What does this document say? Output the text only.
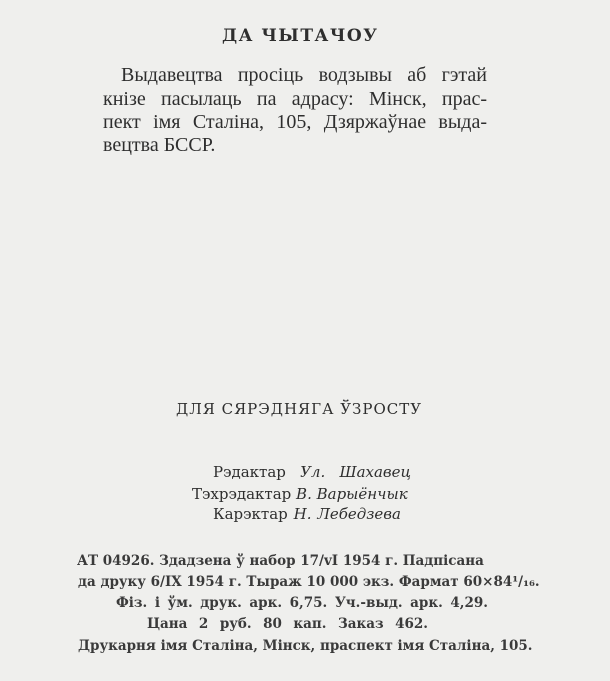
ДА ЧЫТАЧОУ
Выдавецтва просіць водзывы аб гэтай
кнізе пасылаць па адрасу: Мінск, прас-
пект імя Сталіна, 105, Дзяржаўнае выда-
вецтва БССР.
ДЛЯ СЯРЭДНЯГА ЎЗРОСТУ
Рэдактар Ул. Шахавец
Тэхрэдактар В. Варыёнчык
Карэктар Н. Лебедзева
АТ 04926. Здадзена ў набор 17/vI 1954 г. Падпісана
да друку 6/IX 1954 г. Тыраж 10 000 экз. Фармат 60×84¹/₁₆.
Фіз. і ўм. друк. арк. 6,75. Уч.-выд. арк. 4,29.
Цана 2 руб. 80 кап. Заказ 462.
Друкарня імя Сталіна, Мінск, праспект імя Сталіна, 105.
